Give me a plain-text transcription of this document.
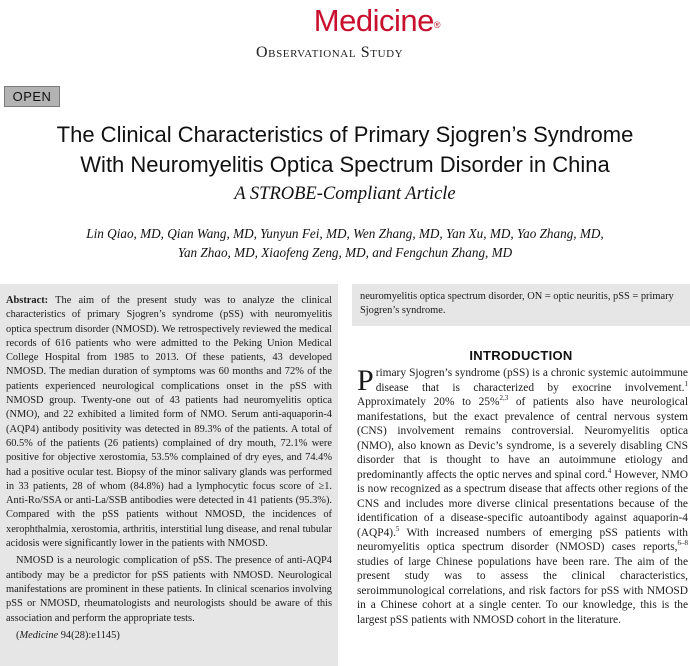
Medicine®
Observational Study
OPEN
The Clinical Characteristics of Primary Sjogren’s Syndrome
With Neuromyelitis Optica Spectrum Disorder in China
A STROBE-Compliant Article
Lin Qiao, MD, Qian Wang, MD, Yunyun Fei, MD, Wen Zhang, MD, Yan Xu, MD, Yao Zhang, MD,
Yan Zhao, MD, Xiaofeng Zeng, MD, and Fengchun Zhang, MD

Abstract: The aim of the present study was to analyze the clinical characteristics of primary Sjogren’s syndrome (pSS) with neuromyelitis optica spectrum disorder (NMOSD). We retrospectively reviewed the medical records of 616 patients who were admitted to the Peking Union Medical College Hospital from 1985 to 2013. Of these patients, 43 developed NMOSD. The median duration of symptoms was 60 months and 72% of the patients experienced neurological complications onset in the pSS with NMOSD group. Twenty-one out of 43 patients had neuromyelitis optica (NMO), and 22 exhibited a limited form of NMO. Serum anti-aquaporin-4 (AQP4) antibody positivity was detected in 89.3% of the patients. A total of 60.5% of the patients (26 patients) complained of dry mouth, 72.1% were positive for objective xerostomia, 53.5% complained of dry eyes, and 74.4% had a positive ocular test. Biopsy of the minor salivary glands was performed in 33 patients, 28 of whom (84.8%) had a lymphocytic focus score of ≥1. Anti-Ro/SSA or anti-La/SSB antibodies were detected in 41 patients (95.3%). Compared with the pSS patients without NMOSD, the incidences of xerophthalmia, xerostomia, arthritis, interstitial lung disease, and renal tubular acidosis were significantly lower in the patients with NMOSD.

NMOSD is a neurologic complication of pSS. The presence of anti-AQP4 antibody may be a predictor for pSS patients with NMOSD. Neurological manifestations are prominent in these patients. In clinical scenarios involving pSS or NMOSD, rheumatologists and neurologists should be aware of this association and perform the appropriate tests.

(Medicine 94(28):e1145)

neuromyelitis optica spectrum disorder, ON = optic neuritis, pSS = primary Sjogren’s syndrome.
INTRODUCTION
Primary Sjogren’s syndrome (pSS) is a chronic systemic autoimmune disease that is characterized by exocrine involvement.$^1$ Approximately 20% to 25%$^{2,3}$ of patients also have neurological manifestations, but the exact prevalence of central nervous system (CNS) involvement remains controversial. Neuromyelitis optica (NMO), also known as Devic’s syndrome, is a severely disabling CNS disorder that is thought to have an autoimmune etiology and predominantly affects the optic nerves and spinal cord.$^4$ However, NMO is now recognized as a spectrum disease that affects other regions of the CNS and includes more diverse clinical presentations because of the identification of a disease-specific autoantibody against aquaporin-4 (AQP4).$^5$ With increased numbers of emerging pSS patients with neuromyelitis optica spectrum disorder (NMOSD) cases reports,$^{6-8}$ studies of large Chinese populations have been rare. The aim of the present study was to assess the clinical characteristics, seroimmunological correlations, and risk factors for pSS with NMOSD in a Chinese cohort at a single center. To our knowledge, this is the largest pSS patients with NMOSD cohort in the literature.
